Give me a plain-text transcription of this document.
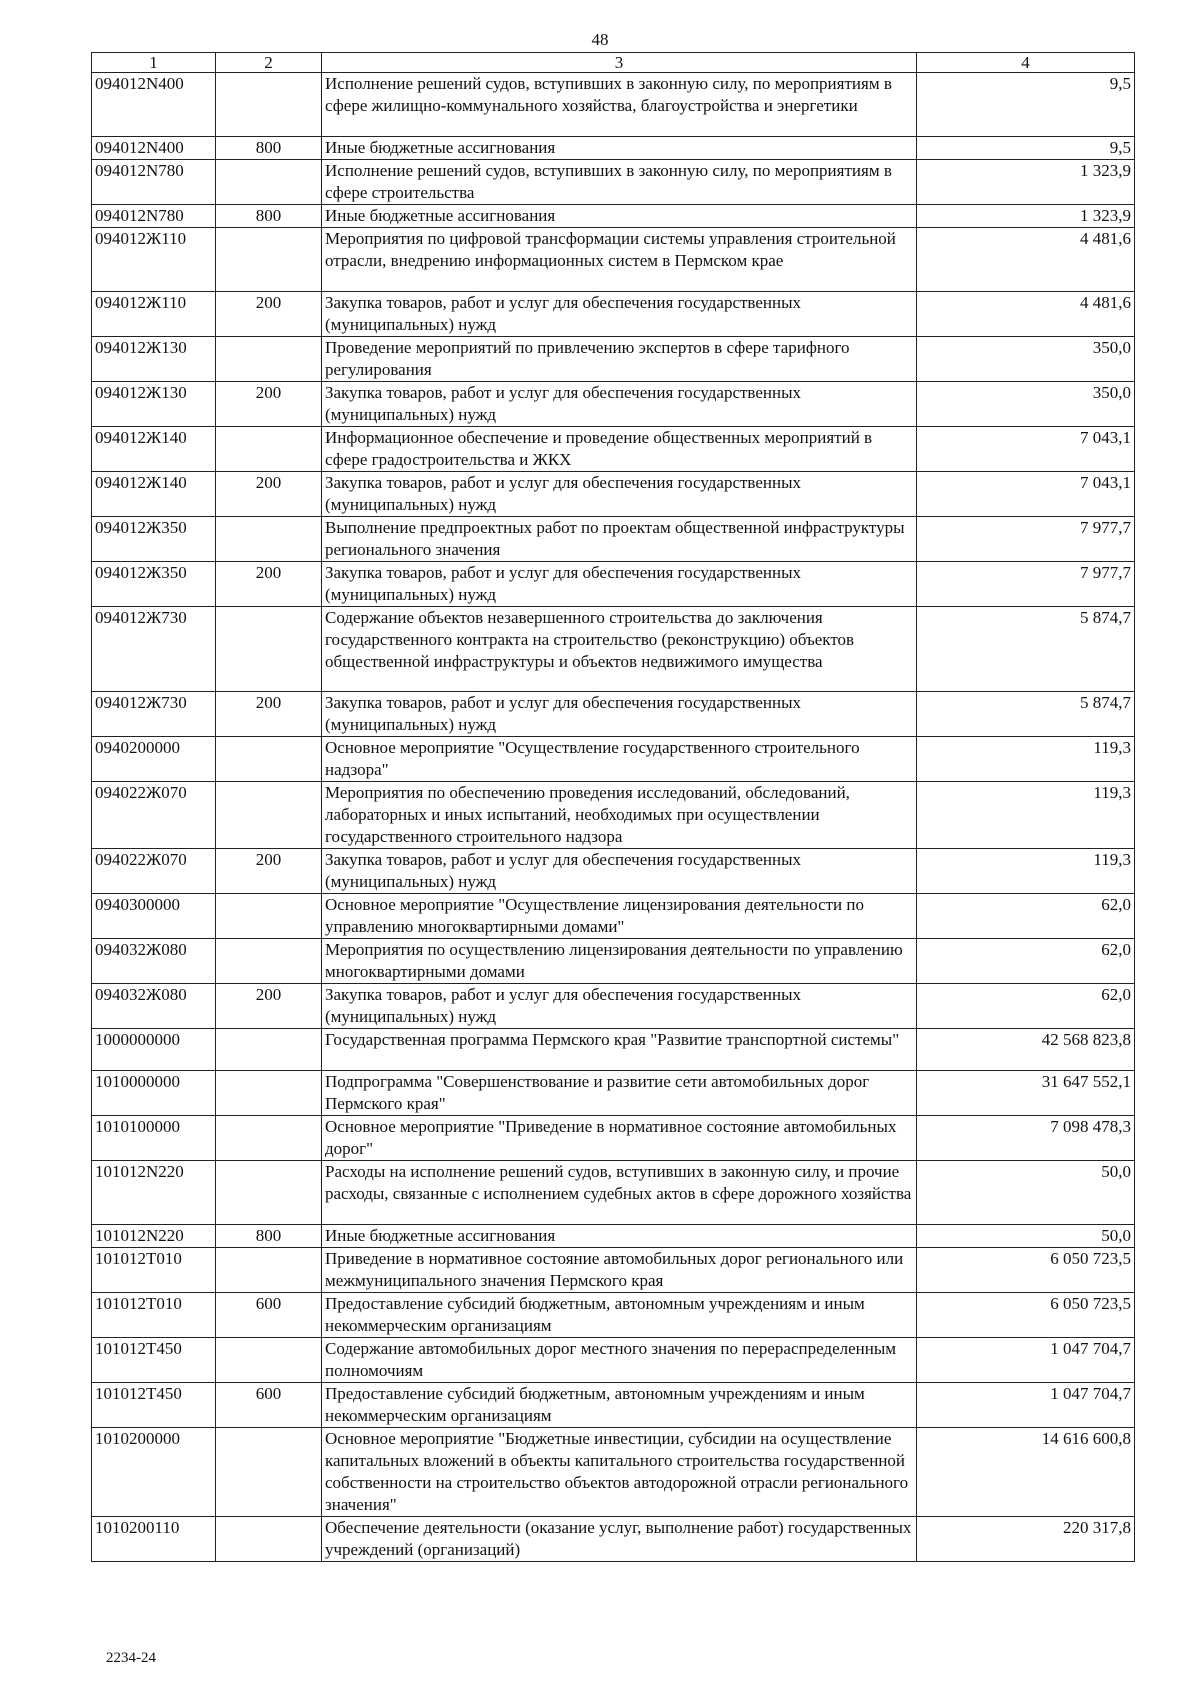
48
1	2	3	4
094012N400		Исполнение решений судов, вступивших в законную силу, по мероприятиям в сфере жилищно-коммунального хозяйства, благоустройства и энергетики	9,5
094012N400	800	Иные бюджетные ассигнования	9,5
094012N780		Исполнение решений судов, вступивших в законную силу, по мероприятиям в сфере строительства	1 323,9
094012N780	800	Иные бюджетные ассигнования	1 323,9
094012Ж110		Мероприятия по цифровой трансформации системы управления строительной отрасли, внедрению информационных систем в Пермском крае	4 481,6
094012Ж110	200	Закупка товаров, работ и услуг для обеспечения государственных (муниципальных) нужд	4 481,6
094012Ж130		Проведение мероприятий по привлечению экспертов в сфере тарифного регулирования	350,0
094012Ж130	200	Закупка товаров, работ и услуг для обеспечения государственных (муниципальных) нужд	350,0
094012Ж140		Информационное обеспечение и проведение общественных мероприятий в сфере градостроительства и ЖКХ	7 043,1
094012Ж140	200	Закупка товаров, работ и услуг для обеспечения государственных (муниципальных) нужд	7 043,1
094012Ж350		Выполнение предпроектных работ по проектам общественной инфраструктуры регионального значения	7 977,7
094012Ж350	200	Закупка товаров, работ и услуг для обеспечения государственных (муниципальных) нужд	7 977,7
094012Ж730		Содержание объектов незавершенного строительства до заключения государственного контракта на строительство (реконструкцию) объектов общественной инфраструктуры и объектов недвижимого имущества	5 874,7
094012Ж730	200	Закупка товаров, работ и услуг для обеспечения государственных (муниципальных) нужд	5 874,7
0940200000		Основное мероприятие "Осуществление государственного строительного надзора"	119,3
094022Ж070		Мероприятия по обеспечению проведения исследований, обследований, лабораторных и иных испытаний, необходимых при осуществлении государственного строительного надзора	119,3
094022Ж070	200	Закупка товаров, работ и услуг для обеспечения государственных (муниципальных) нужд	119,3
0940300000		Основное мероприятие "Осуществление лицензирования деятельности по управлению многоквартирными домами"	62,0
094032Ж080		Мероприятия по осуществлению лицензирования деятельности по управлению многоквартирными домами	62,0
094032Ж080	200	Закупка товаров, работ и услуг для обеспечения государственных (муниципальных) нужд	62,0
1000000000		Государственная программа Пермского края "Развитие транспортной системы"	42 568 823,8
1010000000		Подпрограмма "Совершенствование и развитие сети автомобильных дорог Пермского края"	31 647 552,1
1010100000		Основное мероприятие "Приведение в нормативное состояние автомобильных дорог"	7 098 478,3
101012N220		Расходы на исполнение решений судов, вступивших в законную силу, и прочие расходы, связанные с исполнением судебных актов в сфере дорожного хозяйства	50,0
101012N220	800	Иные бюджетные ассигнования	50,0
101012Т010		Приведение в нормативное состояние автомобильных дорог регионального или межмуниципального значения Пермского края	6 050 723,5
101012Т010	600	Предоставление субсидий бюджетным, автономным учреждениям и иным некоммерческим организациям	6 050 723,5
101012Т450		Содержание автомобильных дорог местного значения по перераспределенным полномочиям	1 047 704,7
101012Т450	600	Предоставление субсидий бюджетным, автономным учреждениям и иным некоммерческим организациям	1 047 704,7
1010200000		Основное мероприятие "Бюджетные инвестиции, субсидии на осуществление капитальных вложений в объекты капитального строительства государственной собственности на строительство объектов автодорожной отрасли регионального значения"	14 616 600,8
1010200110		Обеспечение деятельности (оказание услуг, выполнение работ) государственных учреждений (организаций)	220 317,8
2234-24
